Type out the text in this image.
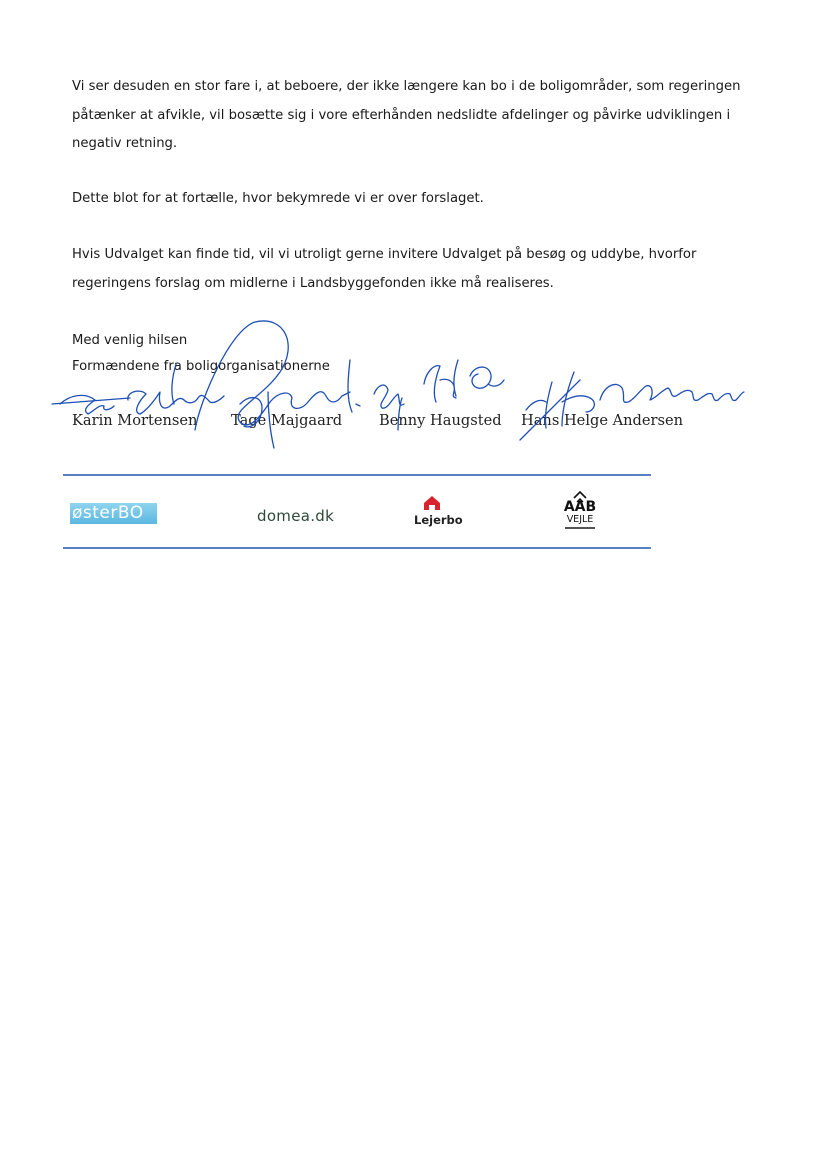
Vi ser desuden en stor fare i, at beboere, der ikke længere kan bo i de boligområder, som regeringen påtænker at afvikle, vil bosætte sig i vore efterhånden nedslidte afdelinger og påvirke udviklingen i negativ retning.

Dette blot for at fortælle, hvor bekymrede vi er over forslaget.

Hvis Udvalget kan finde tid, vil vi utroligt gerne invitere Udvalget på besøg og uddybe, hvorfor regeringens forslag om midlerne i Landsbyggefonden ikke må realiseres.

Med venlig hilsen

Formændene fra boligorganisationerne

Karin Mortensen Tage Majgaard	Benny Haugsted Hans Helge Andersen
østerBO	domea.dk	Lejerbo
AAB
VEJLE
